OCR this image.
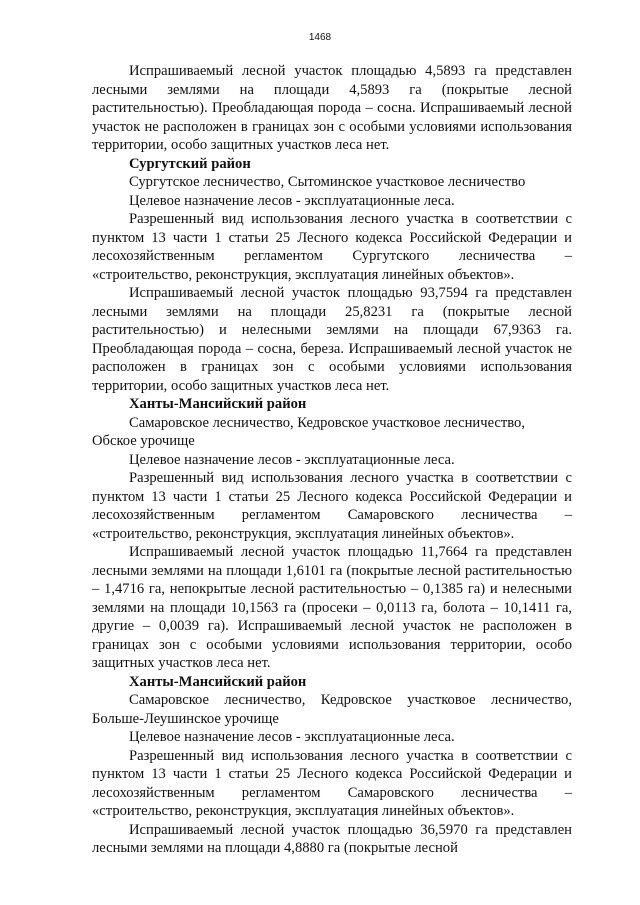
1468

Испрашиваемый лесной участок площадью 4,5893 га представлен лесными землями на площади 4,5893 га (покрытые лесной растительностью). Преобладающая порода – сосна. Испрашиваемый лесной участок не расположен в границах зон с особыми условиями использования территории, особо защитных участков леса нет.

Сургутский район

Сургутское лесничество, Сытоминское участковое лесничество

Целевое назначение лесов - эксплуатационные леса.

Разрешенный вид использования лесного участка в соответствии с пунктом 13 части 1 статьи 25 Лесного кодекса Российской Федерации и лесохозяйственным регламентом Сургутского лесничества – «строительство, реконструкция, эксплуатация линейных объектов».

Испрашиваемый лесной участок площадью 93,7594 га представлен лесными землями на площади 25,8231 га (покрытые лесной растительностью) и нелесными землями на площади 67,9363 га. Преобладающая порода – сосна, береза. Испрашиваемый лесной участок не расположен в границах зон с особыми условиями использования территории, особо защитных участков леса нет.

Ханты-Мансийский район

Самаровское лесничество, Кедровское участковое лесничество, Обское урочище

Целевое назначение лесов - эксплуатационные леса.

Разрешенный вид использования лесного участка в соответствии с пунктом 13 части 1 статьи 25 Лесного кодекса Российской Федерации и лесохозяйственным регламентом Самаровского лесничества – «строительство, реконструкция, эксплуатация линейных объектов».

Испрашиваемый лесной участок площадью 11,7664 га представлен лесными землями на площади 1,6101 га (покрытые лесной растительностью – 1,4716 га, непокрытые лесной растительностью – 0,1385 га) и нелесными землями на площади 10,1563 га (просеки – 0,0113 га, болота – 10,1411 га, другие – 0,0039 га). Испрашиваемый лесной участок не расположен в границах зон с особыми условиями использования территории, особо защитных участков леса нет.

Ханты-Мансийский район

Самаровское лесничество, Кедровское участковое лесничество, Больше-Леушинское урочище

Целевое назначение лесов - эксплуатационные леса.

Разрешенный вид использования лесного участка в соответствии с пунктом 13 части 1 статьи 25 Лесного кодекса Российской Федерации и лесохозяйственным регламентом Самаровского лесничества – «строительство, реконструкция, эксплуатация линейных объектов».

Испрашиваемый лесной участок площадью 36,5970 га представлен лесными землями на площади 4,8880 га (покрытые лесной
